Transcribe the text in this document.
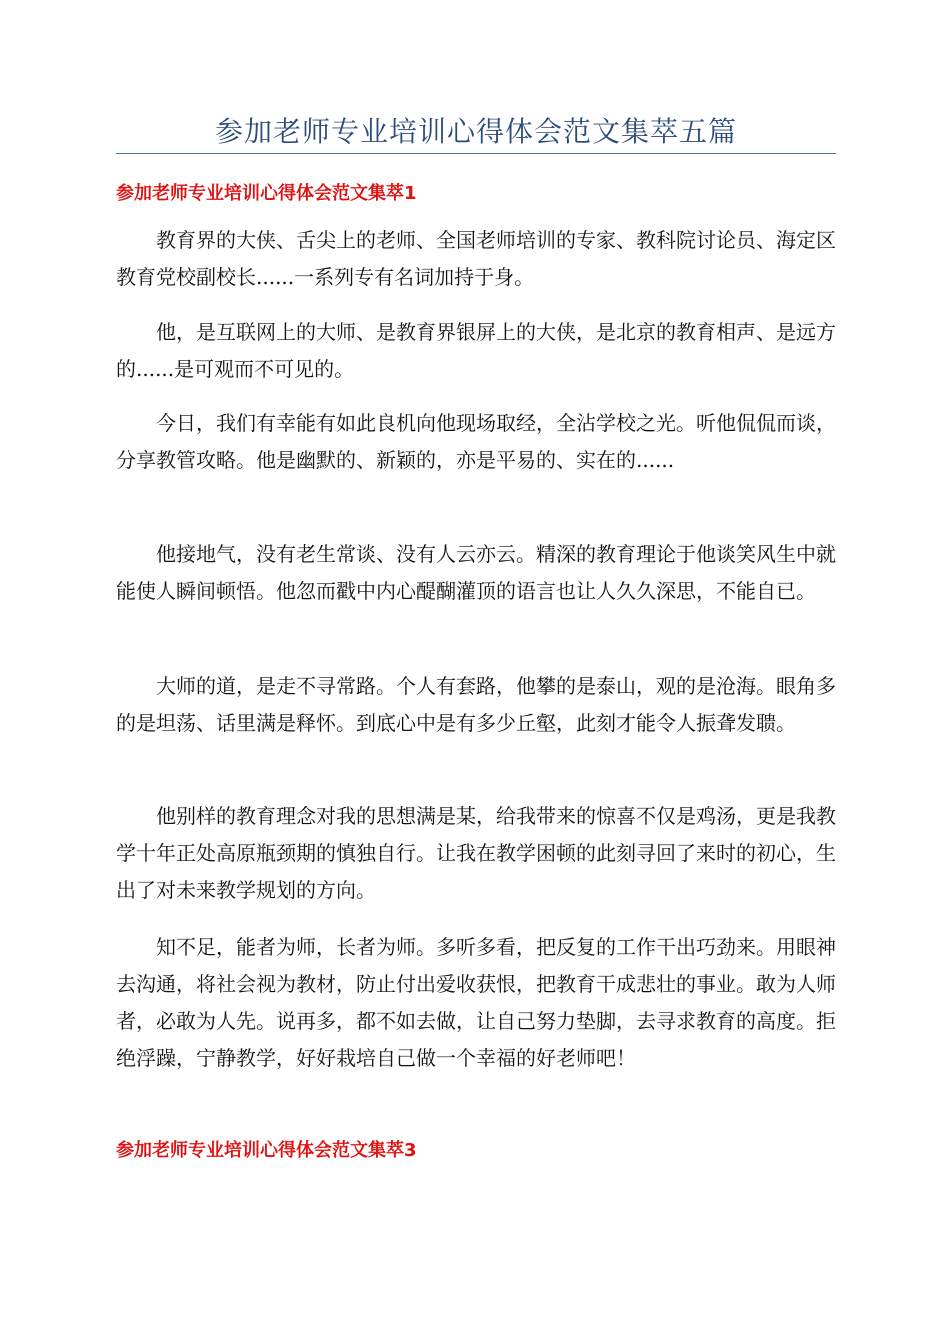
参加老师专业培训心得体会范文集萃五篇
参加老师专业培训心得体会范文集萃1

教育界的大侠、舌尖上的老师、全国老师培训的专家、教科院讨论员、海定区教育党校副校长......一系列专有名词加持于身。

他，是互联网上的大师、是教育界银屏上的大侠，是北京的教育相声、是远方的......是可观而不可见的。

今日，我们有幸能有如此良机向他现场取经，全沾学校之光。听他侃侃而谈，分享教管攻略。他是幽默的、新颖的，亦是平易的、实在的......

他接地气，没有老生常谈、没有人云亦云。精深的教育理论于他谈笑风生中就能使人瞬间顿悟。他忽而戳中内心醍醐灌顶的语言也让人久久深思，不能自已。

大师的道，是走不寻常路。个人有套路，他攀的是泰山，观的是沧海。眼角多的是坦荡、话里满是释怀。到底心中是有多少丘壑，此刻才能令人振聋发聩。

他别样的教育理念对我的思想满是某，给我带来的惊喜不仅是鸡汤，更是我教学十年正处高原瓶颈期的慎独自行。让我在教学困顿的此刻寻回了来时的初心，生出了对未来教学规划的方向。

知不足，能者为师，长者为师。多听多看，把反复的工作干出巧劲来。用眼神去沟通，将社会视为教材，防止付出爱收获恨，把教育干成悲壮的事业。敢为人师者，必敢为人先。说再多，都不如去做，让自己努力垫脚，去寻求教育的高度。拒绝浮躁，宁静教学，好好栽培自己做一个幸福的好老师吧！

参加老师专业培训心得体会范文集萃3
